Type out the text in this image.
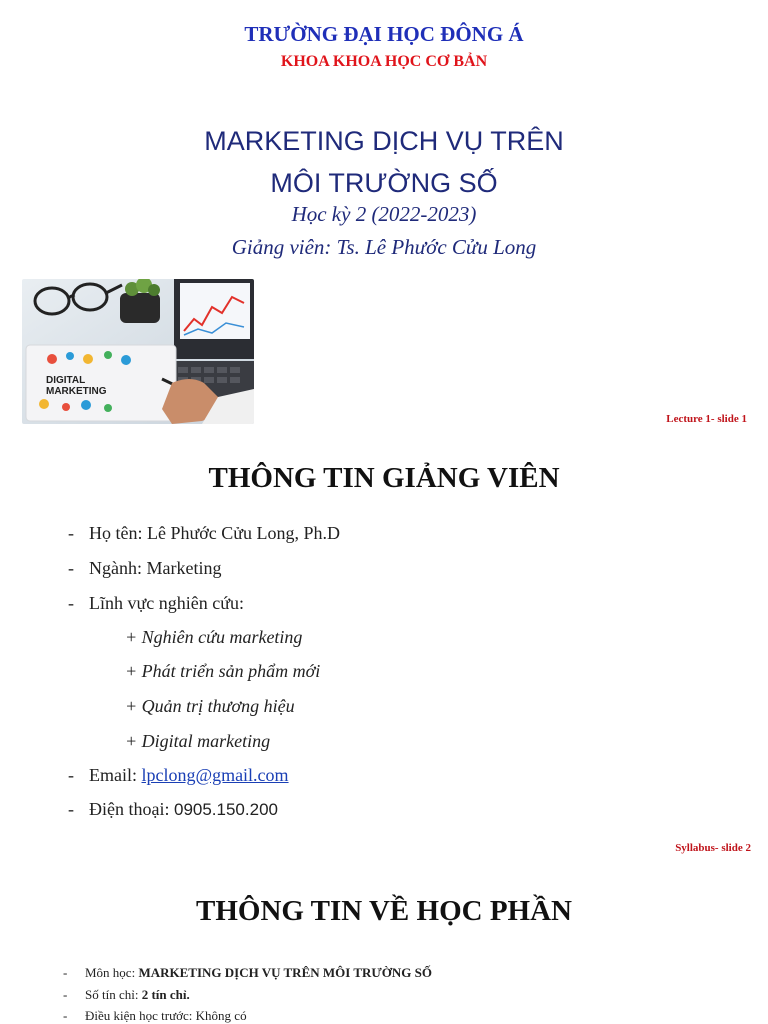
TRƯỜNG ĐẠI HỌC ĐÔNG Á
KHOA KHOA HỌC CƠ BẢN
MARKETING DỊCH VỤ TRÊN
MÔI TRƯỜNG SỐ
Học kỳ 2 (2022-2023)
Giảng viên: Ts. Lê Phước Cửu Long
DIGITAL
MARKETING
Lecture 1- slide 1
THÔNG TIN GIẢNG VIÊN
- Họ tên: Lê Phước Cửu Long, Ph.D
- Ngành: Marketing
- Lĩnh vực nghiên cứu:
+ Nghiên cứu marketing
+ Phát triển sản phẩm mới
+ Quản trị thương hiệu
+ Digital marketing
- Email: lpclong@gmail.com
- Điện thoại: 0905.150.200
Syllabus- slide 2
THÔNG TIN VỀ HỌC PHẦN
- Môn học: MARKETING DỊCH VỤ TRÊN MÔI TRƯỜNG SỐ
- Số tín chỉ: 2 tín chỉ.
- Điều kiện học trước: Không có
